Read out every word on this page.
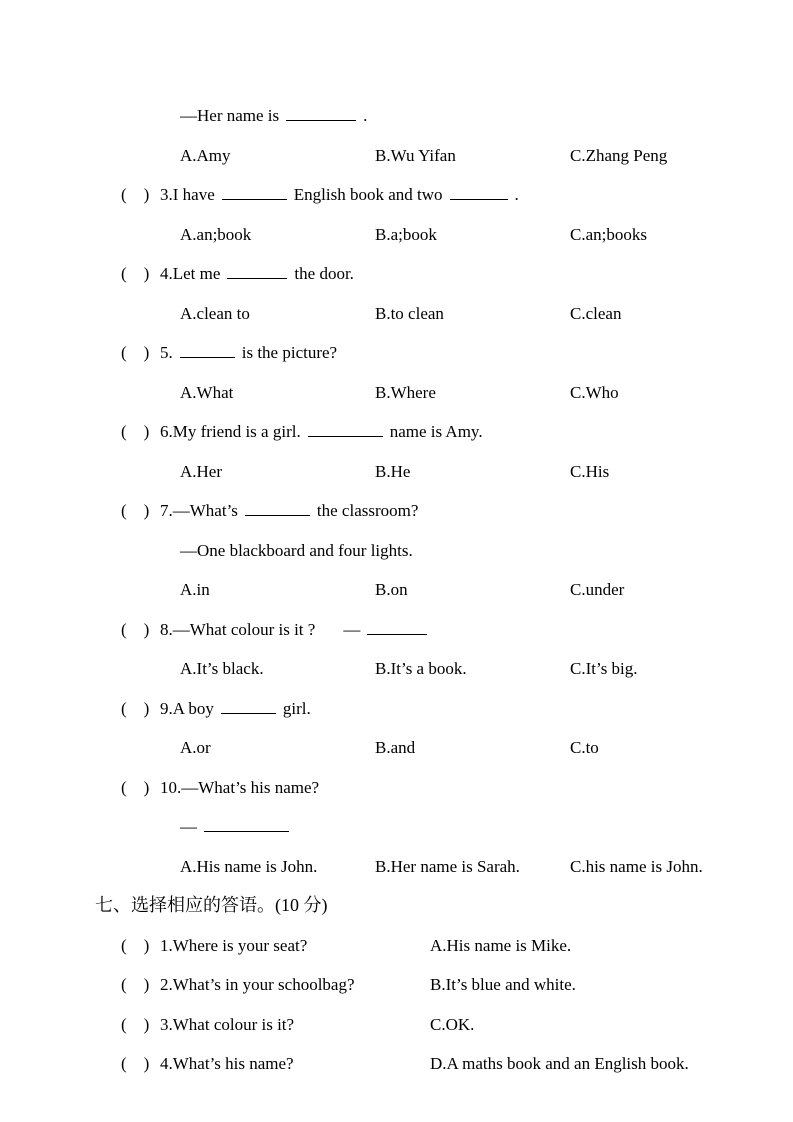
—Her name is	.
A.Amy	B.Wu Yifan	C.Zhang Peng
(    ) 3.I have	English book and two	.
A.an;book	B.a;book	C.an;books
(    ) 4.Let me	the door.
A.clean to	B.to clean	C.clean
(    ) 5.	is the picture?
A.What	B.Where	C.Who
(    ) 6.My friend is a girl.	name is Amy.
A.Her	B.He	C.His
(    ) 7.—What’s	the classroom?
—One blackboard and four lights.
A.in	B.on	C.under
(    ) 8.—What colour is it ? —
A.It’s black.	B.It’s a book.	C.It’s big.
(    ) 9.A boy	girl.
A.or	B.and	C.to
(    ) 10.—What’s his name?
—
A.His name is John.	B.Her name is Sarah.	C.his name is John.
七、选择相应的答语。(10 分)
(    ) 1.Where is your seat?	A.His name is Mike.
(    ) 2.What’s in your schoolbag?	B.It’s blue and white.
(    ) 3.What colour is it?	C.OK.
(    ) 4.What’s his name?	D.A maths book and an English book.
